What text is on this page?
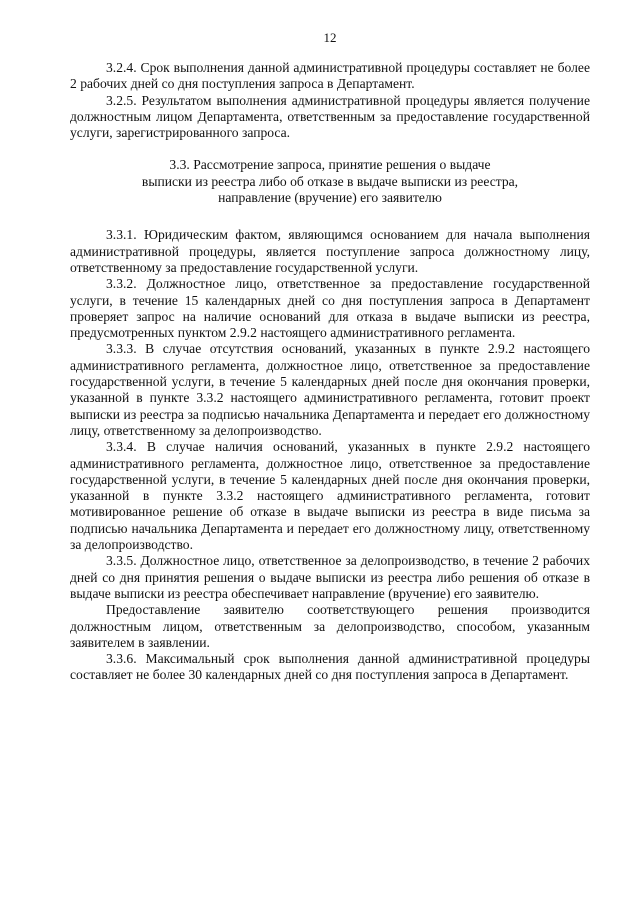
12

3.2.4. Срок выполнения данной административной процедуры составляет не более 2 рабочих дней со дня поступления запроса в Департамент.

3.2.5. Результатом выполнения административной процедуры является получение должностным лицом Департамента, ответственным за предоставление государственной услуги, зарегистрированного запроса.

3.3. Рассмотрение запроса, принятие решения о выдаче
выписки из реестра либо об отказе в выдаче выписки из реестра,
направление (вручение) его заявителю

3.3.1. Юридическим фактом, являющимся основанием для начала выполнения административной процедуры, является поступление запроса должностному лицу, ответственному за предоставление государственной услуги.

3.3.2. Должностное лицо, ответственное за предоставление государственной услуги, в течение 15 календарных дней со дня поступления запроса в Департамент проверяет запрос на наличие оснований для отказа в выдаче выписки из реестра, предусмотренных пунктом 2.9.2 настоящего административного регламента.

3.3.3. В случае отсутствия оснований, указанных в пункте 2.9.2 настоящего административного регламента, должностное лицо, ответственное за предоставление государственной услуги, в течение 5 календарных дней после дня окончания проверки, указанной в пункте 3.3.2 настоящего административного регламента, готовит проект выписки из реестра за подписью начальника Департамента и передает его должностному лицу, ответственному за делопроизводство.

3.3.4. В случае наличия оснований, указанных в пункте 2.9.2 настоящего административного регламента, должностное лицо, ответственное за предоставление государственной услуги, в течение 5 календарных дней после дня окончания проверки, указанной в пункте 3.3.2 настоящего административного регламента, готовит мотивированное решение об отказе в выдаче выписки из реестра в виде письма за подписью начальника Департамента и передает его должностному лицу, ответственному за делопроизводство.

3.3.5. Должностное лицо, ответственное за делопроизводство, в течение 2 рабочих дней со дня принятия решения о выдаче выписки из реестра либо решения об отказе в выдаче выписки из реестра обеспечивает направление (вручение) его заявителю.

Предоставление заявителю соответствующего решения производится должностным лицом, ответственным за делопроизводство, способом, указанным заявителем в заявлении.

3.3.6. Максимальный срок выполнения данной административной процедуры составляет не более 30 календарных дней со дня поступления запроса в Департамент.
